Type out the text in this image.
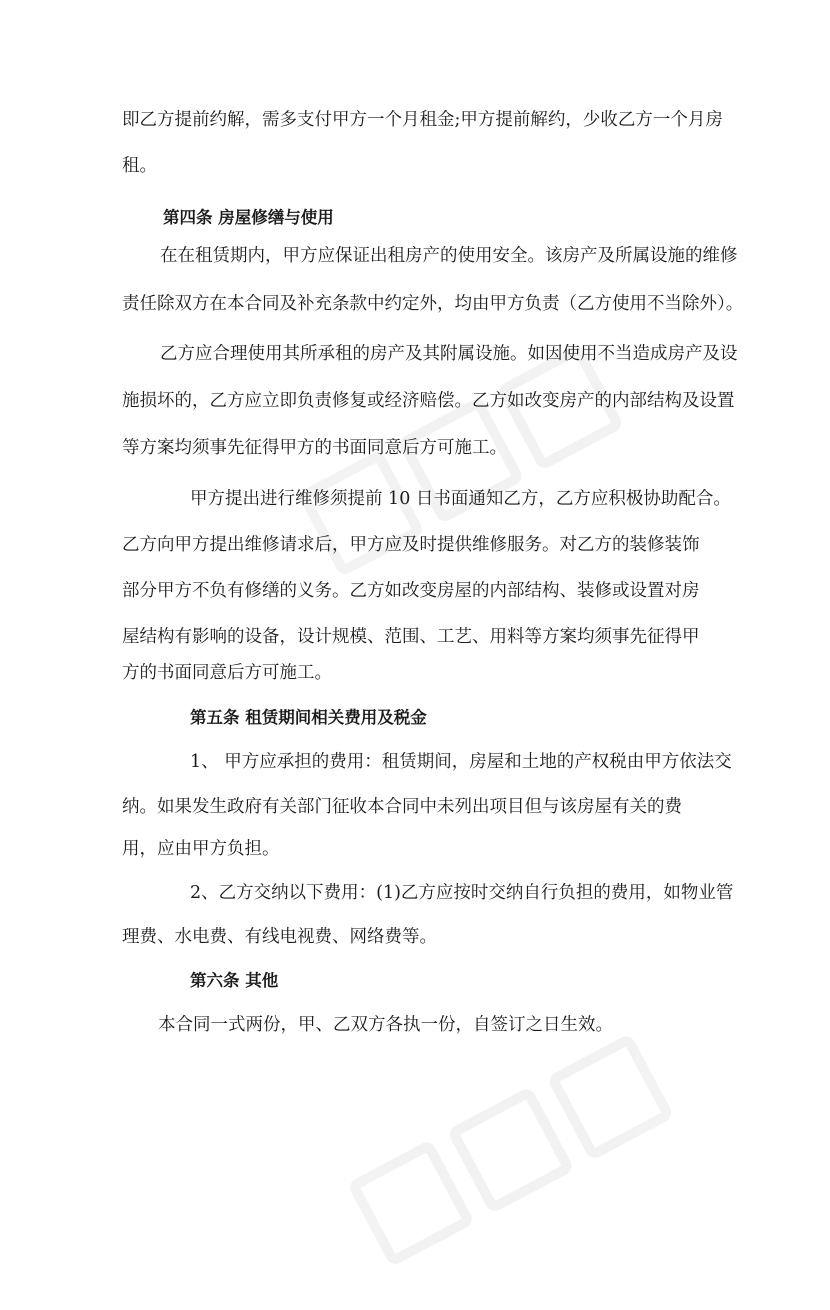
即乙方提前约解，需多支付甲方一个月租金;甲方提前解约，少收乙方一个月房
租。
第四条 房屋修缮与使用
在在租赁期内，甲方应保证出租房产的使用安全。该房产及所属设施的维修
责任除双方在本合同及补充条款中约定外，均由甲方负责（乙方使用不当除外）。
乙方应合理使用其所承租的房产及其附属设施。如因使用不当造成房产及设
施损坏的，乙方应立即负责修复或经济赔偿。乙方如改变房产的内部结构及设置
等方案均须事先征得甲方的书面同意后方可施工。
甲方提出进行维修须提前 10 日书面通知乙方，乙方应积极协助配合。
乙方向甲方提出维修请求后，甲方应及时提供维修服务。对乙方的装修装饰
部分甲方不负有修缮的义务。乙方如改变房屋的内部结构、装修或设置对房
屋结构有影响的设备，设计规模、范围、工艺、用料等方案均须事先征得甲
方的书面同意后方可施工。
第五条 租赁期间相关费用及税金
1、 甲方应承担的费用：租赁期间，房屋和土地的产权税由甲方依法交
纳。如果发生政府有关部门征收本合同中未列出项目但与该房屋有关的费
用，应由甲方负担。
2、乙方交纳以下费用：(1)乙方应按时交纳自行负担的费用，如物业管
理费、水电费、有线电视费、网络费等。
第六条 其他
本合同一式两份，甲、乙双方各执一份，自签订之日生效。
